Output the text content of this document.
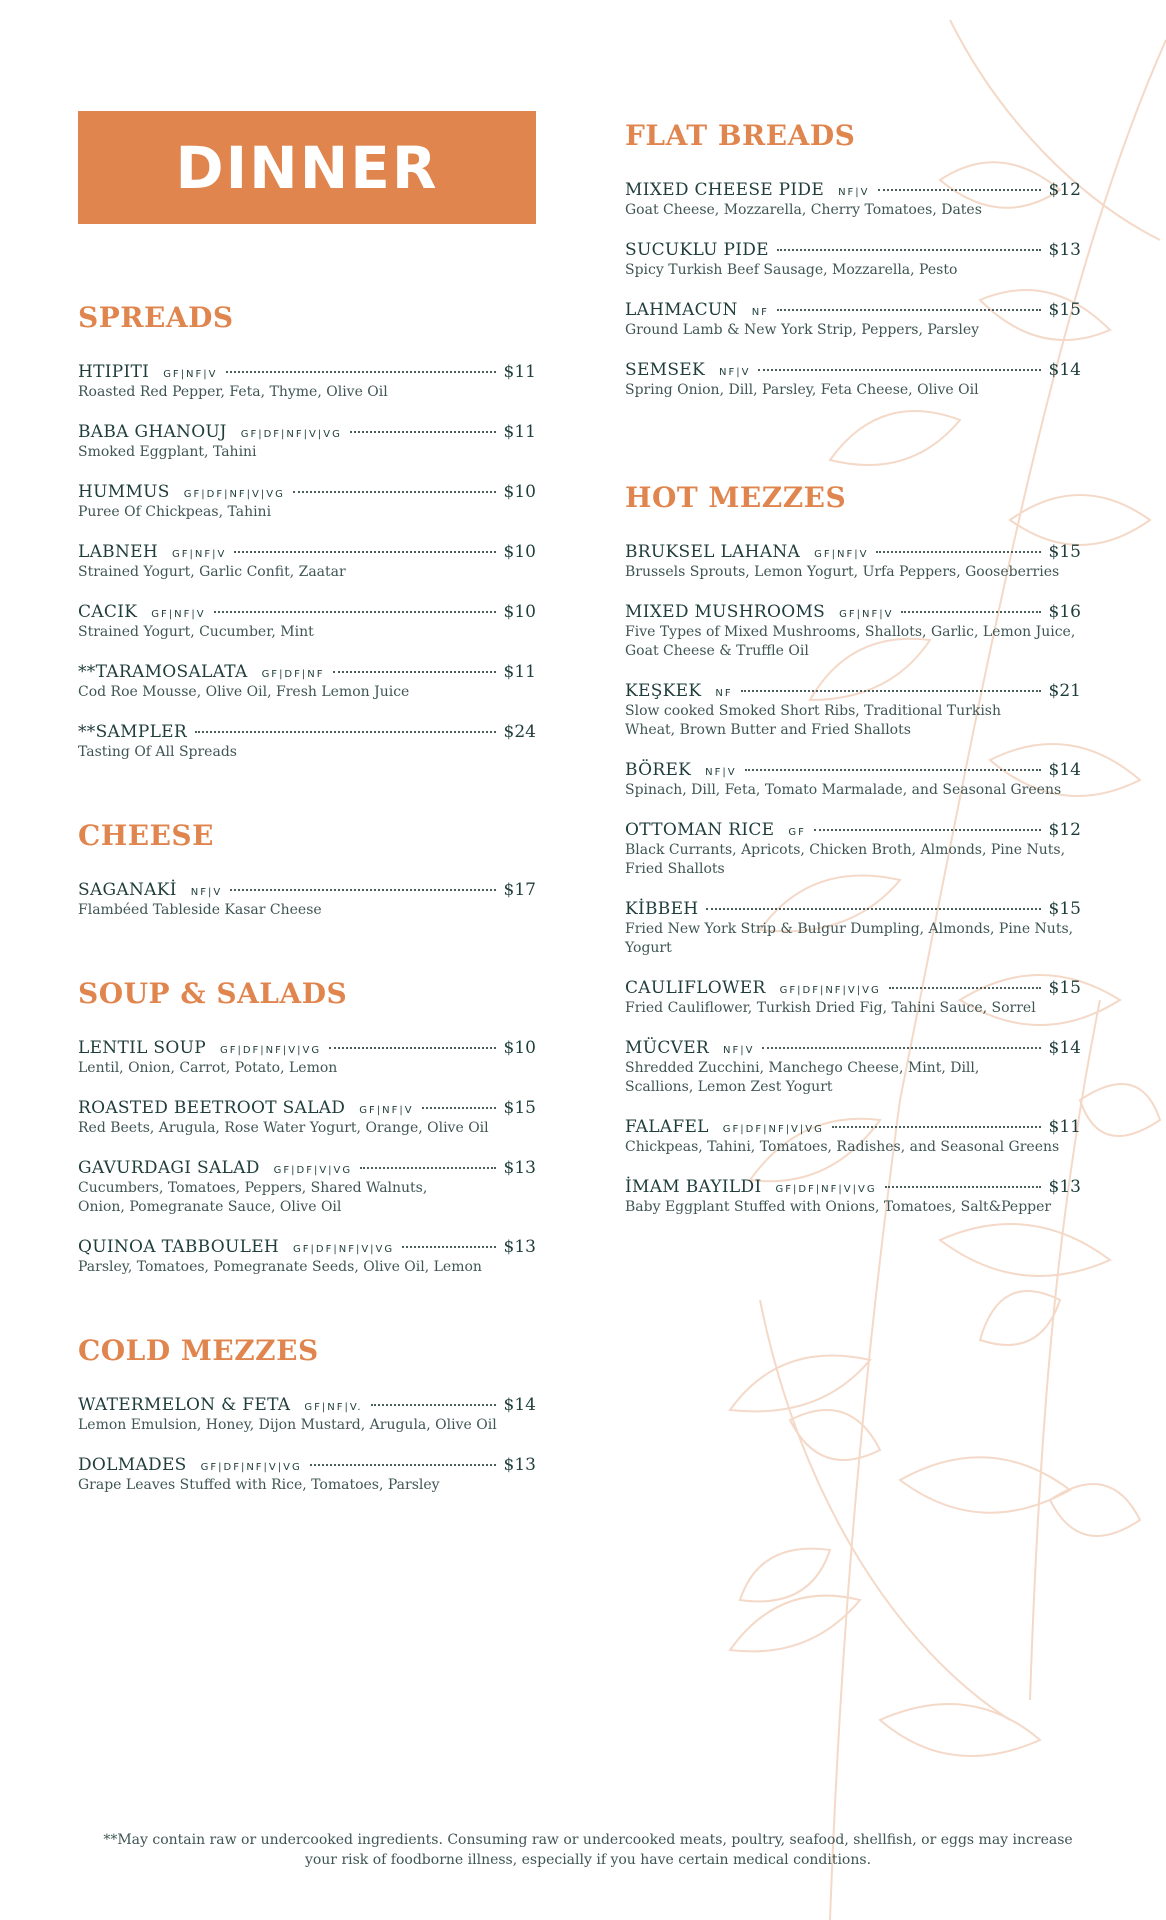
DINNER
SPREADS
HTIPITI GF|NF|V	$11
Roasted Red Pepper, Feta, Thyme, Olive Oil
BABA GHANOUJ GF|DF|NF|V|VG	$11
Smoked Eggplant, Tahini
HUMMUS GF|DF|NF|V|VG	$10
Puree Of Chickpeas, Tahini
LABNEH GF|NF|V	$10
Strained Yogurt, Garlic Confit, Zaatar
CACIK GF|NF|V	$10
Strained Yogurt, Cucumber, Mint
**TARAMOSALATA GF|DF|NF	$11
Cod Roe Mousse, Olive Oil, Fresh Lemon Juice
**SAMPLER	$24
Tasting Of All Spreads
CHEESE
SAGANAKİ NF|V	$17
Flambéed Tableside Kasar Cheese
SOUP & SALADS
LENTIL SOUP GF|DF|NF|V|VG	$10
Lentil, Onion, Carrot, Potato, Lemon
ROASTED BEETROOT SALAD GF|NF|V	$15
Red Beets, Arugula, Rose Water Yogurt, Orange, Olive Oil
GAVURDAGI SALAD GF|DF|V|VG	$13
Cucumbers, Tomatoes, Peppers, Shared Walnuts, Onion, Pomegranate Sauce, Olive Oil
QUINOA TABBOULEH GF|DF|NF|V|VG	$13
Parsley, Tomatoes, Pomegranate Seeds, Olive Oil, Lemon
COLD MEZZES
WATERMELON & FETA GF|NF|V.	$14
Lemon Emulsion, Honey, Dijon Mustard, Arugula, Olive Oil
DOLMADES GF|DF|NF|V|VG	$13
Grape Leaves Stuffed with Rice, Tomatoes, Parsley
FLAT BREADS
MIXED CHEESE PIDE NF|V	$12
Goat Cheese, Mozzarella, Cherry Tomatoes, Dates
SUCUKLU PIDE	$13
Spicy Turkish Beef Sausage, Mozzarella, Pesto
LAHMACUN NF	$15
Ground Lamb & New York Strip, Peppers, Parsley
SEMSEK NF|V	$14
Spring Onion, Dill, Parsley, Feta Cheese, Olive Oil
HOT MEZZES
BRUKSEL LAHANA GF|NF|V	$15
Brussels Sprouts, Lemon Yogurt, Urfa Peppers, Gooseberries
MIXED MUSHROOMS GF|NF|V	$16
Five Types of Mixed Mushrooms, Shallots, Garlic, Lemon Juice, Goat Cheese & Truffle Oil
KEŞKEK NF	$21
Slow cooked Smoked Short Ribs, Traditional Turkish Wheat, Brown Butter and Fried Shallots
BÖREK NF|V	$14
Spinach, Dill, Feta, Tomato Marmalade, and Seasonal Greens
OTTOMAN RICE GF	$12
Black Currants, Apricots, Chicken Broth, Almonds, Pine Nuts, Fried Shallots
KİBBEH	$15
Fried New York Strip & Bulgur Dumpling, Almonds, Pine Nuts, Yogurt
CAULIFLOWER GF|DF|NF|V|VG	$15
Fried Cauliflower, Turkish Dried Fig, Tahini Sauce, Sorrel
MÜCVER NF|V	$14
Shredded Zucchini, Manchego Cheese, Mint, Dill, Scallions, Lemon Zest Yogurt
FALAFEL GF|DF|NF|V|VG	$11
Chickpeas, Tahini, Tomatoes, Radishes, and Seasonal Greens
İMAM BAYILDI GF|DF|NF|V|VG	$13
Baby Eggplant Stuffed with Onions, Tomatoes, Salt&Pepper
**May contain raw or undercooked ingredients. Consuming raw or undercooked meats, poultry, seafood, shellfish, or eggs may increase your risk of foodborne illness, especially if you have certain medical conditions.
